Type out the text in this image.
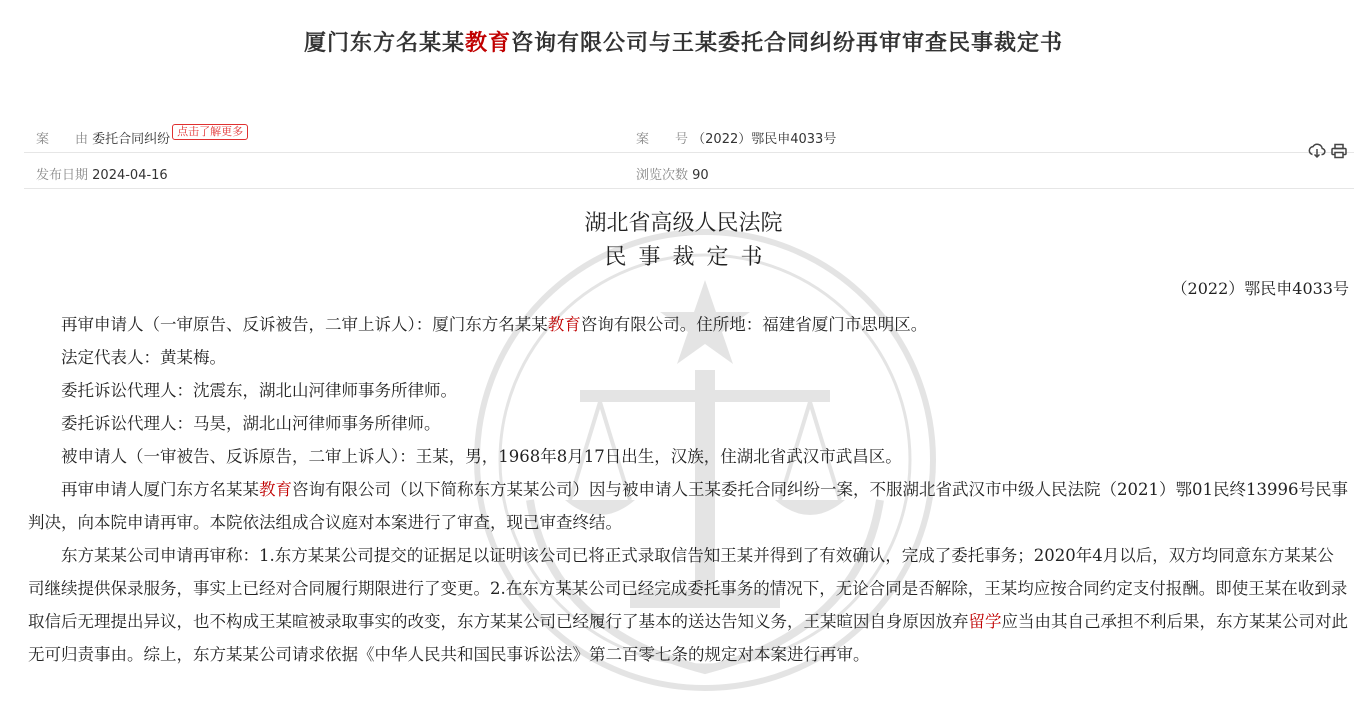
厦门东方名某某教育咨询有限公司与王某委托合同纠纷再审审查民事裁定书
案　　由 委托合同纠纷点击了解更多
案　　号 （2022）鄂民申4033号
发布日期 2024-04-16	浏览次数 90
湖北省高级人民法院
民事裁定书
（2022）鄂民申4033号

再审申请人（一审原告、反诉被告，二审上诉人）：厦门东方名某某教育咨询有限公司。住所地：福建省厦门市思明区。

法定代表人：黄某梅。

委托诉讼代理人：沈震东，湖北山河律师事务所律师。

委托诉讼代理人：马昊，湖北山河律师事务所律师。

被申请人（一审被告、反诉原告，二审上诉人）：王某，男，1968年8月17日出生，汉族，住湖北省武汉市武昌区。

再审申请人厦门东方名某某教育咨询有限公司（以下简称东方某某公司）因与被申请人王某委托合同纠纷一案，不服湖北省武汉市中级人民法院（2021）鄂01民终13996号民事判决，向本院申请再审。本院依法组成合议庭对本案进行了审查，现已审查终结。

东方某某公司申请再审称：1.东方某某公司提交的证据足以证明该公司已将正式录取信告知王某并得到了有效确认，完成了委托事务；2020年4月以后，双方均同意东方某某公司继续提供保录服务，事实上已经对合同履行期限进行了变更。2.在东方某某公司已经完成委托事务的情况下，无论合同是否解除，王某均应按合同约定支付报酬。即使王某在收到录取信后无理提出异议，也不构成王某暄被录取事实的改变，东方某某公司已经履行了基本的送达告知义务，王某暄因自身原因放弃留学应当由其自己承担不利后果，东方某某公司对此无可归责事由。综上，东方某某公司请求依据《中华人民共和国民事诉讼法》第二百零七条的规定对本案进行再审。
